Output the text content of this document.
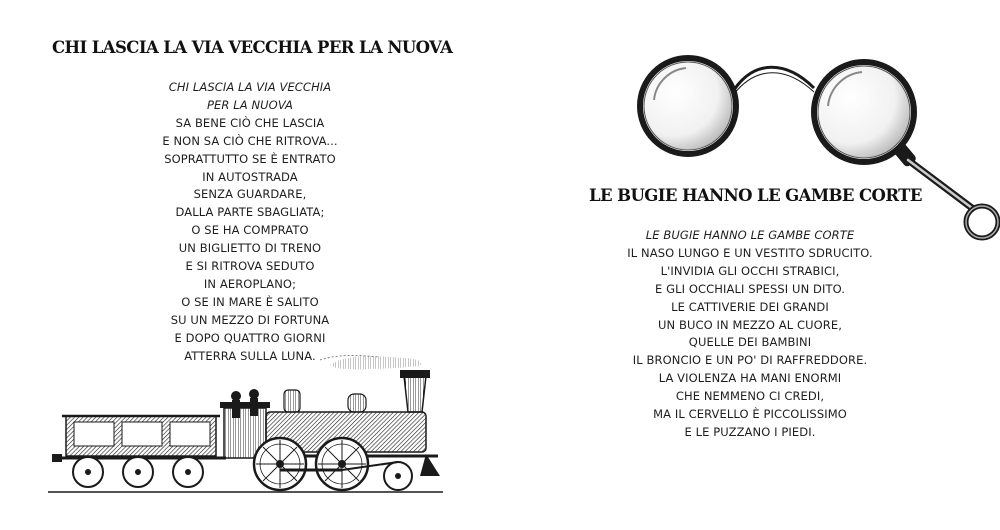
CHI LASCIA LA VIA VECCHIA PER LA NUOVA
CHI LASCIA LA VIA VECCHIA
PER LA NUOVA
SA BENE CIÒ CHE LASCIA
E NON SA CIÒ CHE RITROVA...
SOPRATTUTTO SE È ENTRATO
IN AUTOSTRADA
SENZA GUARDARE,
DALLA PARTE SBAGLIATA;
O SE HA COMPRATO
UN BIGLIETTO DI TRENO
E SI RITROVA SEDUTO
IN AEROPLANO;
O SE IN MARE È SALITO
SU UN MEZZO DI FORTUNA
E DOPO QUATTRO GIORNI
ATTERRA SULLA LUNA.
LE BUGIE HANNO LE GAMBE CORTE
LE BUGIE HANNO LE GAMBE CORTE
IL NASO LUNGO E UN VESTITO SDRUCITO.
L'INVIDIA GLI OCCHI STRABICI,
E GLI OCCHIALI SPESSI UN DITO.
LE CATTIVERIE DEI GRANDI
UN BUCO IN MEZZO AL CUORE,
QUELLE DEI BAMBINI
IL BRONCIO E UN PO' DI RAFFREDDORE.
LA VIOLENZA HA MANI ENORMI
CHE NEMMENO CI CREDI,
MA IL CERVELLO È PICCOLISSIMO
E LE PUZZANO I PIEDI.
